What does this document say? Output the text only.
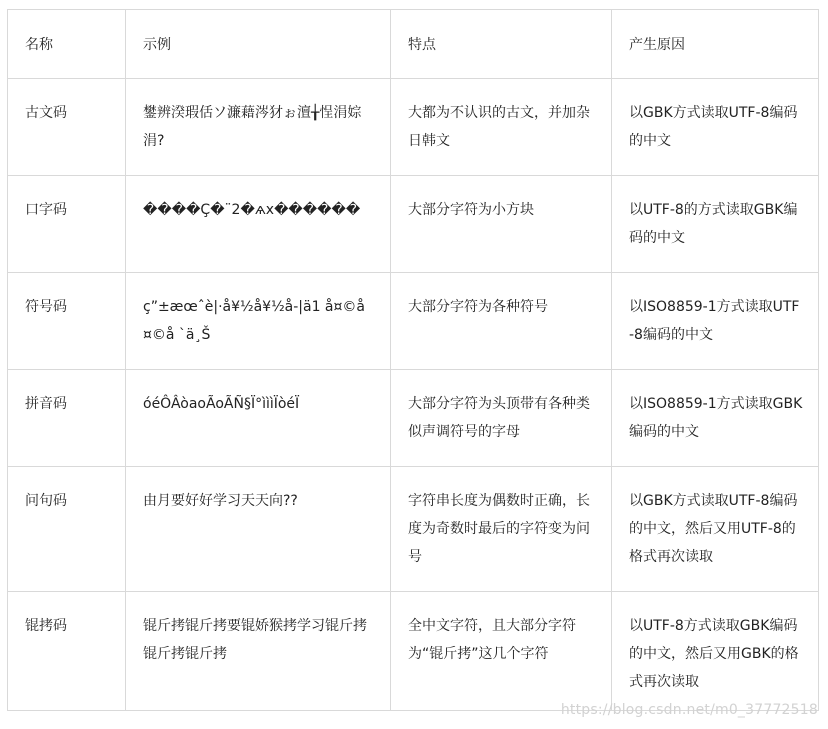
名称	示例	特点	产生原因
古文码	鐢辨湀瑕佸ソ濂藉涔犲ぉ澶╁悜涓婃涓?	大都为不认识的古文，并加杂日韩文	以GBK方式读取UTF-8编码的中文
口字码	����Ç�¨2�ѧх������	大部分字符为小方块	以UTF-8的方式读取GBK编码的中文
符号码	ç”±æœˆè|·å¥½å¥½å-|ä1 å¤©å¤©å `ä¸Š	大部分字符为各种符号	以ISO8859-1方式读取UTF-8编码的中文
拼音码	óéÔÂòaoÃoÃÑ§Ï°ìììÏòéÏ	大部分字符为头顶带有各种类似声调符号的字母	以ISO8859-1方式读取GBK编码的中文
问句码	由月要好好学习天天向??	字符串长度为偶数时正确，长度为奇数时最后的字符变为问号	以GBK方式读取UTF-8编码的中文，然后又用UTF-8的格式再次读取
锟拷码	锟斤拷锟斤拷要锟娇猴拷学习锟斤拷锟斤拷锟斤拷	全中文字符，且大部分字符为“锟斤拷”这几个字符	以UTF-8方式读取GBK编码的中文，然后又用GBK的格式再次读取
https://blog.csdn.net/m0_37772518
